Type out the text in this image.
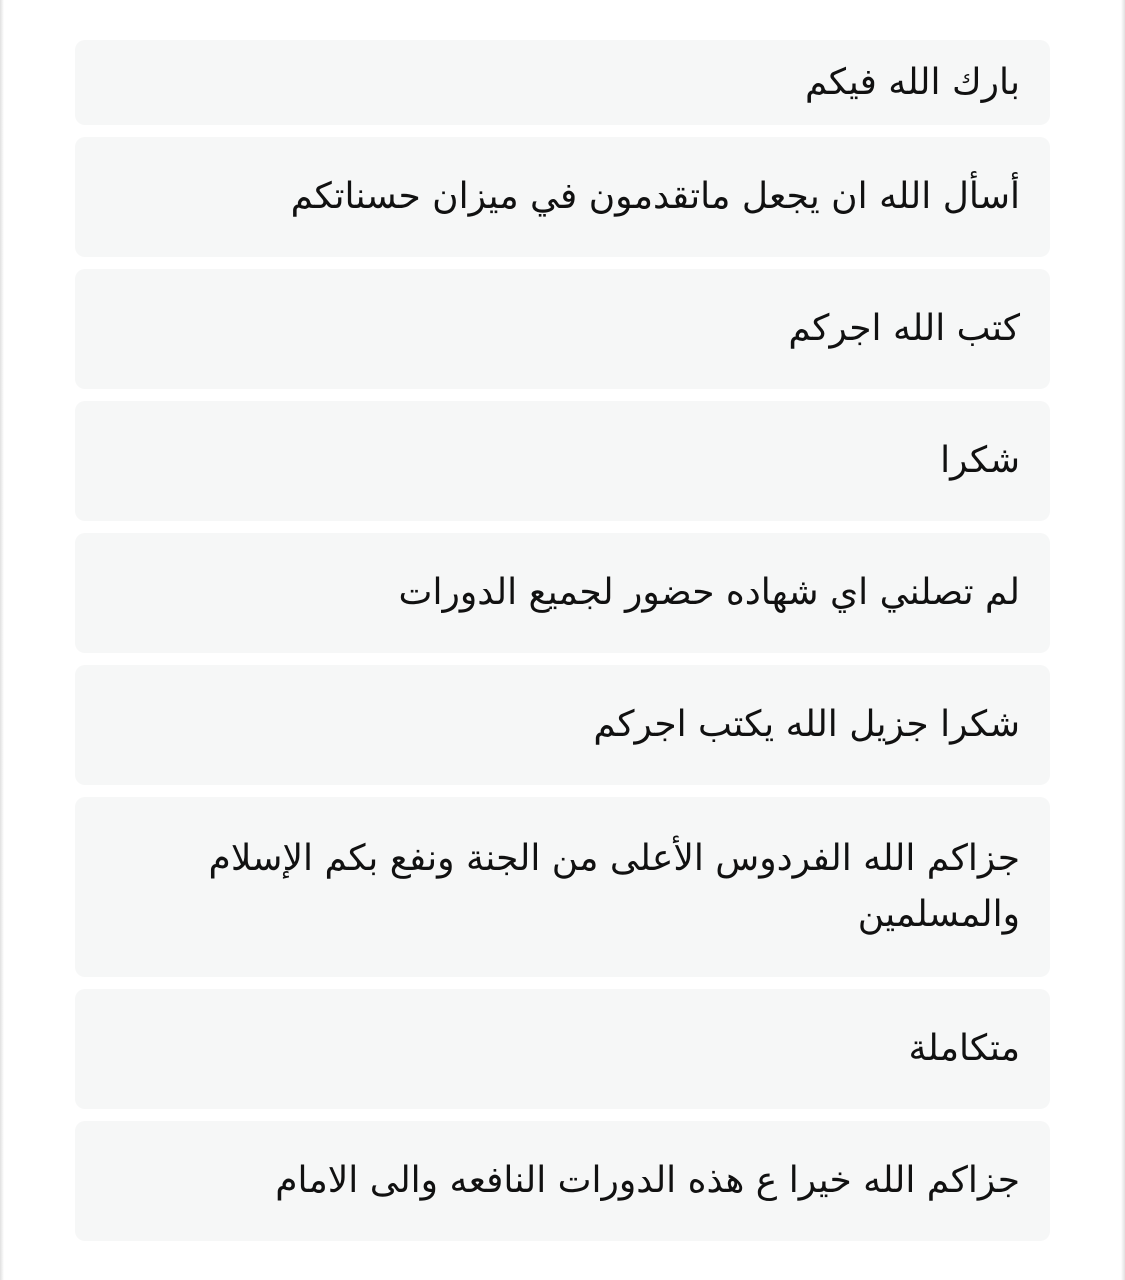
بارك الله فيكم
أسأل الله ان يجعل ماتقدمون في ميزان حسناتكم
كتب الله اجركم
شكرا
لم تصلني اي شهاده حضور لجميع الدورات
شكرا جزيل الله يكتب اجركم
جزاكم الله الفردوس الأعلى من الجنة ونفع بكم الإسلام والمسلمين
متكاملة
جزاكم الله خيرا ع هذه الدورات النافعه والى الامام
